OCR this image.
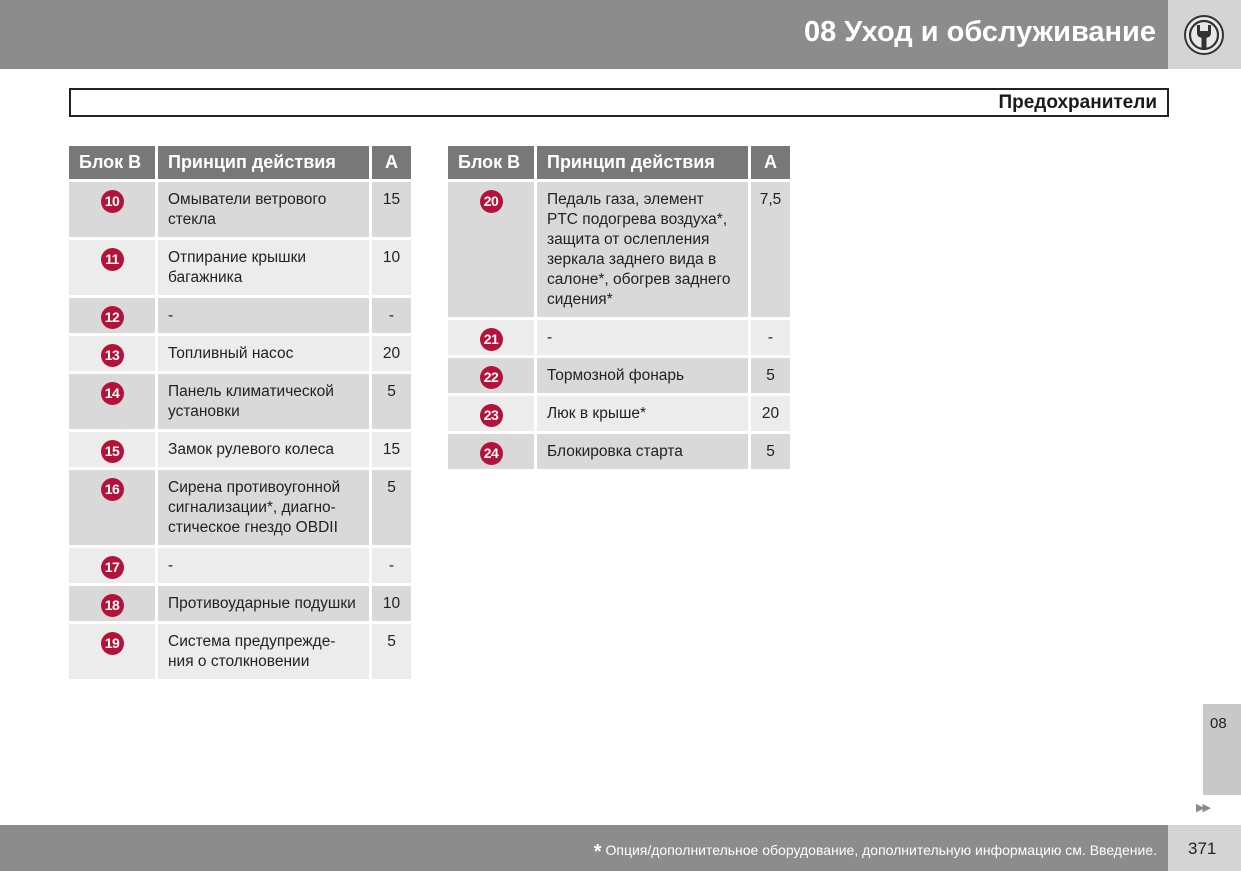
08 Уход и обслуживание
Предохранители
Блок B	Принцип действия	А
10	Омыватели ветрового стекла	15
11	Отпирание крышки багажника	10
12	-	-
13	Топливный насос	20
14	Панель климатической установки	5
15	Замок рулевого колеса	15
16	Сирена противоугонной сигнализации*, диагно-стическое гнездо OBDII	5
17	-	-
18	Противоударные подушки	10
19	Система предупрежде-ния о столкновении	5
Блок B	Принцип действия	А
20	Педаль газа, элемент PTC подогрева воздуха*, защита от ослепления зеркала заднего вида в салоне*, обогрев заднего сидения*	7,5
21	-	-
22	Тормозной фонарь	5
23	Люк в крыше*	20
24	Блокировка старта	5
08
▶▶
* Опция/дополнительное оборудование, дополнительную информацию см. Введение. 371
